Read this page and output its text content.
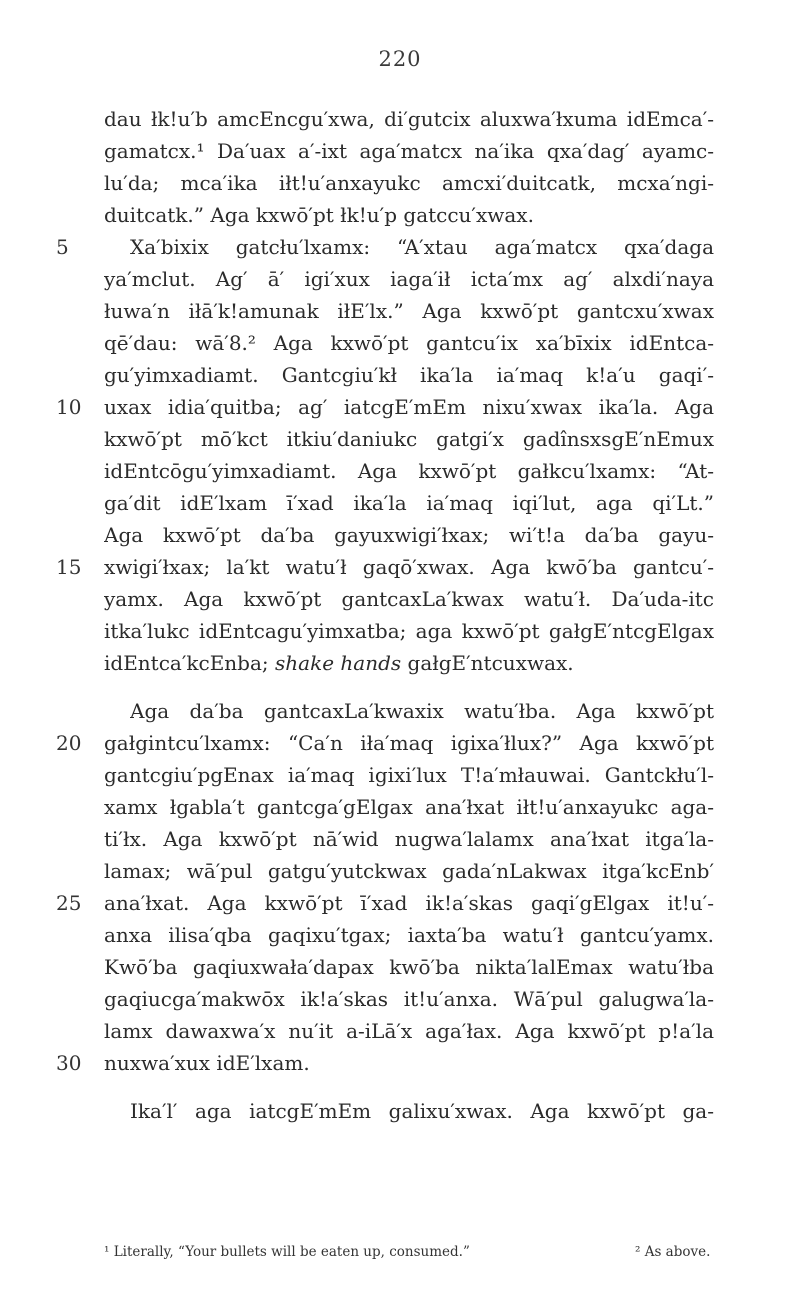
220
dau łk!u′b amcEncgu′xwa, di′gutcix aluxwa′łxuma idEmca′-
gamatcx.¹ Da′uax a′-ixt aga′matcx na′ika qxa′dag′ ayamc-
lu′da; mca′ika iłt!u′anxayukc amcxi′duitcatk, mcxa′ngi-
duitcatk.” Aga kxwō′pt łk!u′p gatccu′xwax.
5	Xa′bixix gatcłu′lxamx: “A′xtau aga′matcx qxa′daga
ya′mclut. Ag′ ā′ igi′xux iaga′ił icta′mx ag′ alxdi′naya
łuwa′n iłā′k!amunak iłE′lx.” Aga kxwō′pt gantcxu′xwax
qē′dau: wā′8.² Aga kxwō′pt gantcu′ix xa′bīxix idEntca-
gu′yimxadiamt. Gantcgiu′kł ika′la ia′maq k!a′u gaqi′-
10	uxax idia′quitba; ag′ iatcgE′mEm nixu′xwax ika′la. Aga
kxwō′pt mō′kct itkiu′daniukc gatgi′x gadînsxsgE′nEmux
idEntcōgu′yimxadiamt. Aga kxwō′pt gałkcu′lxamx: “At-
ga′dit idE′lxam ī′xad ika′la ia′maq iqi′lut, aga qi′Lt.”
Aga kxwō′pt da′ba gayuxwigi′łxax; wi′t!a da′ba gayu-
15	xwigi′łxax; la′kt watu′ł gaqō′xwax. Aga kwō′ba gantcu′-
yamx. Aga kxwō′pt gantcaxLa′kwax watu′ł. Da′uda-itc
itka′lukc idEntcagu′yimxatba; aga kxwō′pt gałgE′ntcgElgax
idEntca′kcEnba; shake hands gałgE′ntcuxwax.
Aga da′ba gantcaxLa′kwaxix watu′łba. Aga kxwō′pt
20	gałgintcu′lxamx: “Ca′n iła′maq igixa′łlux?” Aga kxwō′pt
gantcgiu′pgEnax ia′maq igixi′lux T!a′młauwai. Gantckłu′l-
xamx łgabla′t gantcga′gElgax ana′łxat iłt!u′anxayukc aga-
ti′łx. Aga kxwō′pt nā′wid nugwa′lalamx ana′łxat itga′la-
lamax; wā′pul gatgu′yutckwax gada′nLakwax itga′kcEnb′
25	ana′łxat. Aga kxwō′pt ī′xad ik!a′skas gaqi′gElgax it!u′-
anxa ilisa′qba gaqixu′tgax; iaxta′ba watu′ł gantcu′yamx.
Kwō′ba gaqiuxwała′dapax kwō′ba nikta′lalEmax watu′łba
gaqiucga′makwōx ik!a′skas it!u′anxa. Wā′pul galugwa′la-
lamx dawaxwa′x nu′it a-iLā′x aga′łax. Aga kxwō′pt p!a′la
30	nuxwa′xux idE′lxam.
Ika′l′ aga iatcgE′mEm galixu′xwax. Aga kxwō′pt ga-
¹ Literally, “Your bullets will be eaten up, consumed.”	² As above.
